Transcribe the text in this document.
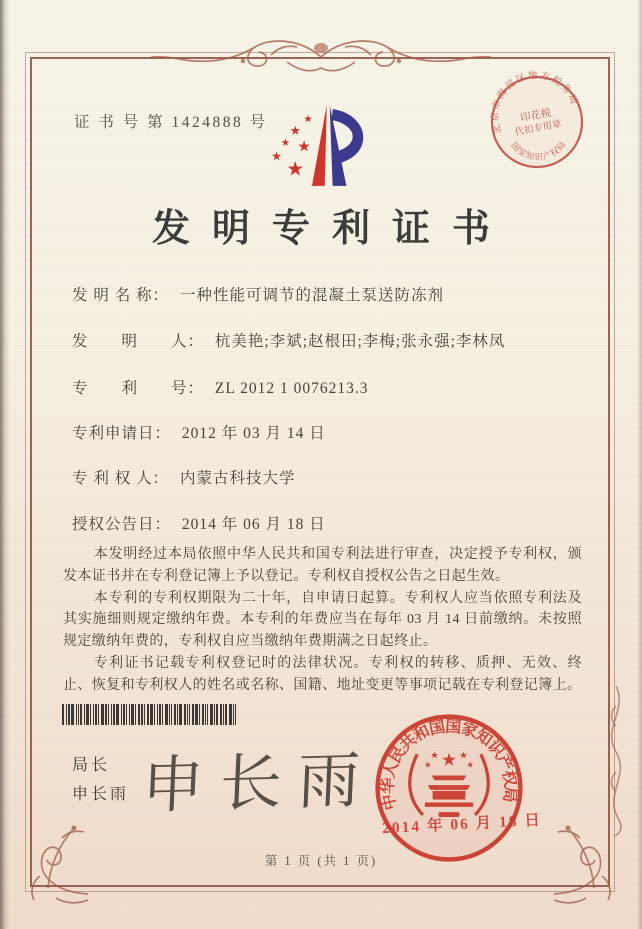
证 书 号 第 1424888 号	北京市海淀区地方税务局
国家知识产权局
印花税
代扣专用章
发明专利证书
发 明 名 称： 一种性能可调节的混凝土泵送防冻剂
发　　明　　人： 杭美艳;李斌;赵根田;李梅;张永强;李林凤
专　　利　　号： ZL 2012 1 0076213.3
专利申请日： 2012 年 03 月 14 日
专 利 权 人： 内蒙古科技大学
授权公告日： 2014 年 06 月 18 日

本发明经过本局依照中华人民共和国专利法进行审查，决定授予专利权，颁发本证书并在专利登记簿上予以登记。专利权自授权公告之日起生效。

本专利的专利权期限为二十年，自申请日起算。专利权人应当依照专利法及其实施细则规定缴纳年费。本专利的年费应当在每年 03 月 14 日前缴纳。未按照规定缴纳年费的，专利权自应当缴纳年费期满之日起终止。

专利证书记载专利权登记时的法律状况。专利权的转移、质押、无效、终止、恢复和专利权人的姓名或名称、国籍、地址变更等事项记载在专利登记簿上。

局长
申长雨 申长雨 中华人民共和国国家知识产权局
2014 年 06 月 18 日
第 1 页 (共 1 页)
